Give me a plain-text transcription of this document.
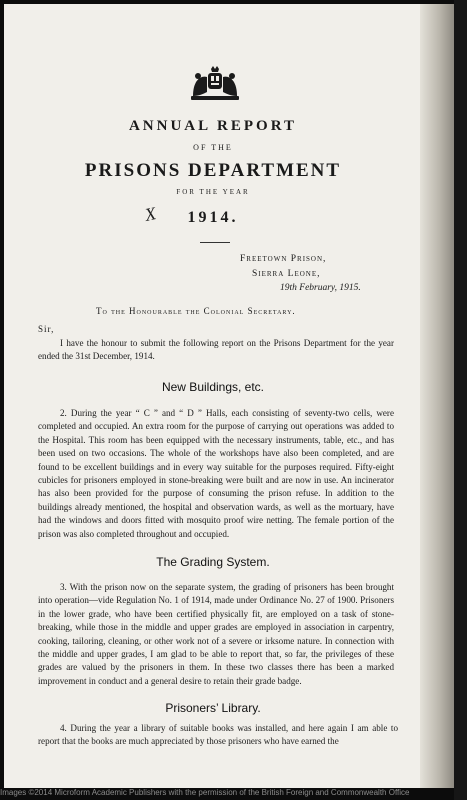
ANNUAL REPORT
OF THE
PRISONS DEPARTMENT
FOR THE YEAR
1914.
X
Freetown Prison,
Sierra Leone,
19th February, 1915.
To the Honourable the Colonial Secretary.
Sir,

I have the honour to submit the following report on the Prisons Department for the year ended the 31st December, 1914.

New Buildings, etc.

2. During the year “ C ” and “ D ” Halls, each consisting of seventy-two cells, were completed and occupied. An extra room for the purpose of carrying out operations was added to the Hospital. This room has been equipped with the necessary instruments, table, etc., and has been used on two occasions. The whole of the workshops have also been completed, and are found to be excellent buildings and in every way suitable for the purposes required. Fifty-eight cubicles for prisoners employed in stone-breaking were built and are now in use. An incinerator has also been provided for the purpose of consuming the prison refuse. In addition to the buildings already mentioned, the hospital and observation wards, as well as the mortuary, have had the windows and doors fitted with mosquito proof wire netting. The female portion of the prison was also completed throughout and occupied.

The Grading System.

3. With the prison now on the separate system, the grading of prisoners has been brought into operation—vide Regulation No. 1 of 1914, made under Ordinance No. 27 of 1900. Prisoners in the lower grade, who have been certified physically fit, are employed on a task of stone-breaking, while those in the middle and upper grades are employed in association in carpentry, cooking, tailoring, cleaning, or other work not of a severe or irksome nature. In connection with the middle and upper grades, I am glad to be able to report that, so far, the privileges of these grades are valued by the prisoners in them. In these two classes there has been a marked improvement in conduct and a general desire to retain their grade badge.

Prisoners’ Library.

4. During the year a library of suitable books was installed, and here again I am able to report that the books are much appreciated by those prisoners who have earned the

Images ©2014 Microform Academic Publishers with the permission of the British Foreign and Commonwealth Office
